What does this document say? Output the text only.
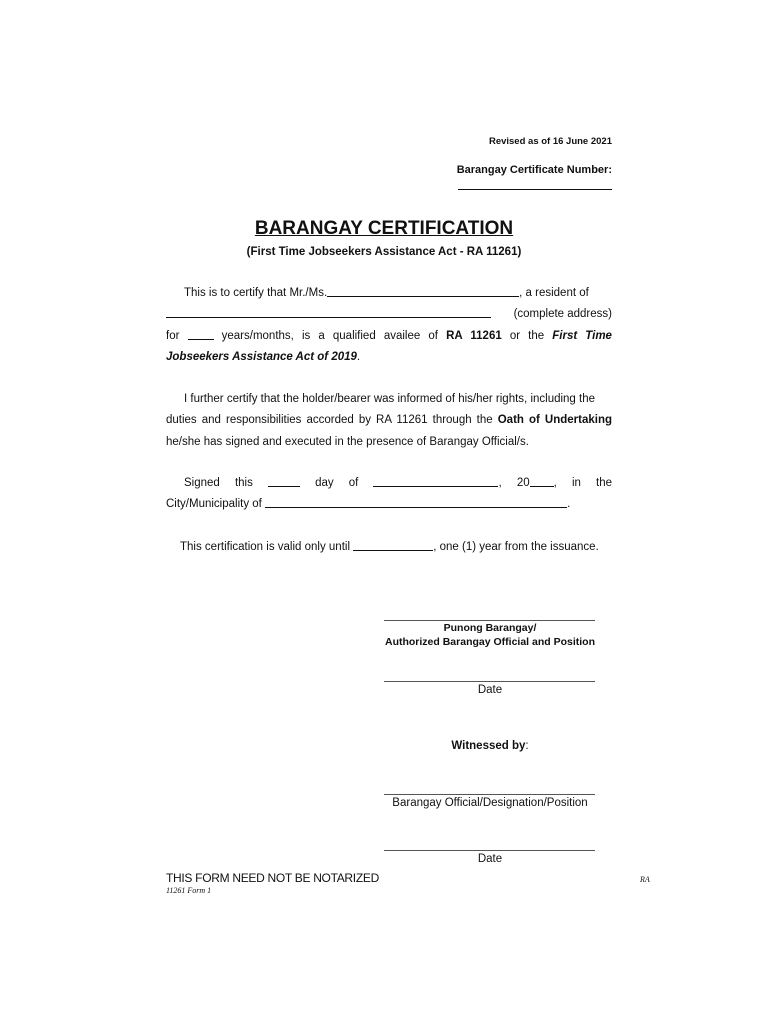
Revised as of 16 June 2021
Barangay Certificate Number:
BARANGAY CERTIFICATION
(First Time Jobseekers Assistance Act - RA 11261)

This is to certify that Mr./Ms.	, a resident of

(complete address)

for	years/months, is a qualified availee of RA 11261 or the First Time

Jobseekers Assistance Act of 2019.

I further certify that the holder/bearer was informed of his/her rights, including the

duties and responsibilities accorded by RA 11261 through the Oath of Undertaking

he/she has signed and executed in the presence of Barangay Official/s.

Signed this	day of	, 20 , in the

City/Municipality of	.

This certification is valid only until	, one (1) year from the issuance.

Punong Barangay/
Authorized Barangay Official and Position
Date
Witnessed by:
Barangay Official/Designation/Position
Date
THIS FORM NEED NOT BE NOTARIZED
11261 Form 1
RA
